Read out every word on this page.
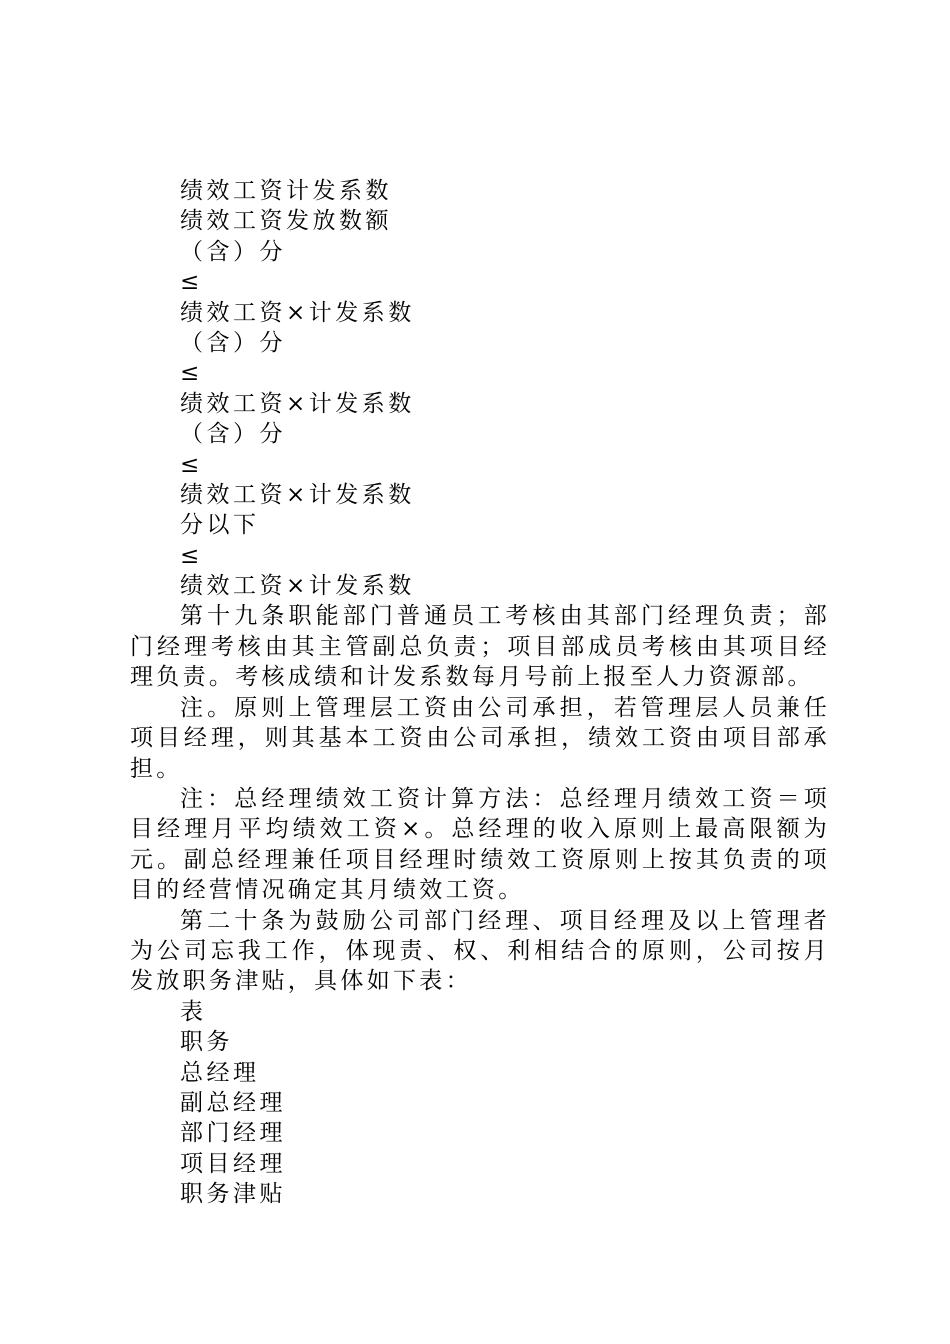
绩效工资计发系数
绩效工资发放数额
（含）分
≤
绩效工资×计发系数
（含）分
≤
绩效工资×计发系数
（含）分
≤
绩效工资×计发系数
分以下
≤
绩效工资×计发系数

第十九条职能部门普通员工考核由其部门经理负责；部门经理考核由其主管副总负责；项目部成员考核由其项目经理负责。考核成绩和计发系数每月号前上报至人力资源部。

注。原则上管理层工资由公司承担，若管理层人员兼任项目经理，则其基本工资由公司承担，绩效工资由项目部承担。

注：总经理绩效工资计算方法：总经理月绩效工资＝项目经理月平均绩效工资×。总经理的收入原则上最高限额为元。副总经理兼任项目经理时绩效工资原则上按其负责的项目的经营情况确定其月绩效工资。

第二十条为鼓励公司部门经理、项目经理及以上管理者为公司忘我工作，体现责、权、利相结合的原则，公司按月发放职务津贴，具体如下表：

表
职务
总经理
副总经理
部门经理
项目经理
职务津贴
